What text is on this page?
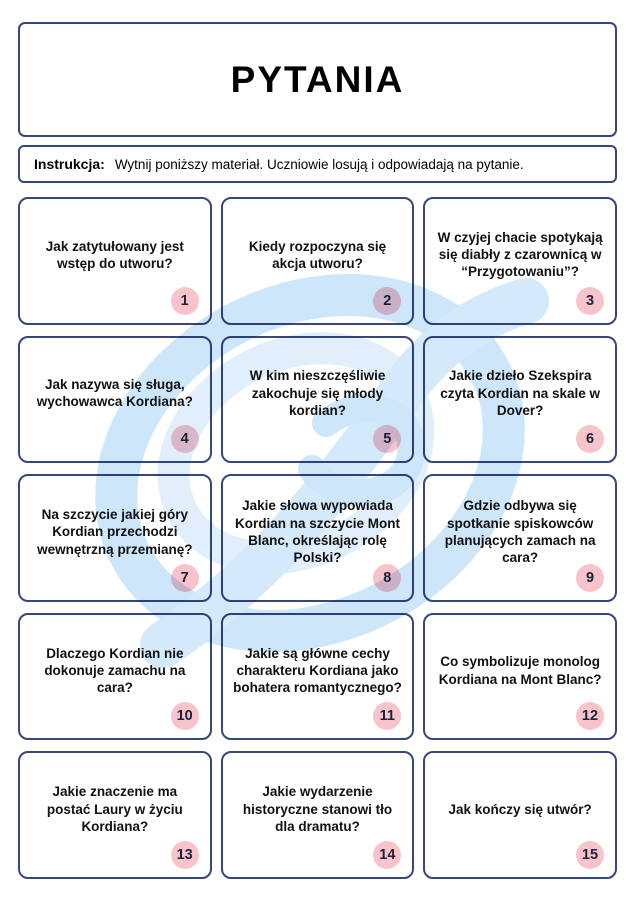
PYTANIA
Instrukcja: Wytnij poniższy materiał. Uczniowie losują i odpowiadają na pytanie.
Jak zatytułowany jest wstęp do utworu?
1
Kiedy rozpoczyna się akcja utworu?
2
W czyjej chacie spotykają się diabły z czarownicą w “Przygotowaniu”?
3
Jak nazywa się sługa, wychowawca Kordiana?
4
W kim nieszczęśliwie zakochuje się młody kordian?
5
Jakie dzieło Szekspira czyta Kordian na skale w Dover?
6
Na szczycie jakiej góry Kordian przechodzi wewnętrzną przemianę?
7
Jakie słowa wypowiada Kordian na szczycie Mont Blanc, określając rolę Polski?
8
Gdzie odbywa się spotkanie spiskowców planujących zamach na cara?
9
Dlaczego Kordian nie dokonuje zamachu na cara?
10
Jakie są główne cechy charakteru Kordiana jako bohatera romantycznego?
11
Co symbolizuje monolog Kordiana na Mont Blanc?
12
Jakie znaczenie ma postać Laury w życiu Kordiana?
13
Jakie wydarzenie historyczne stanowi tło dla dramatu?
14
Jak kończy się utwór?
15
